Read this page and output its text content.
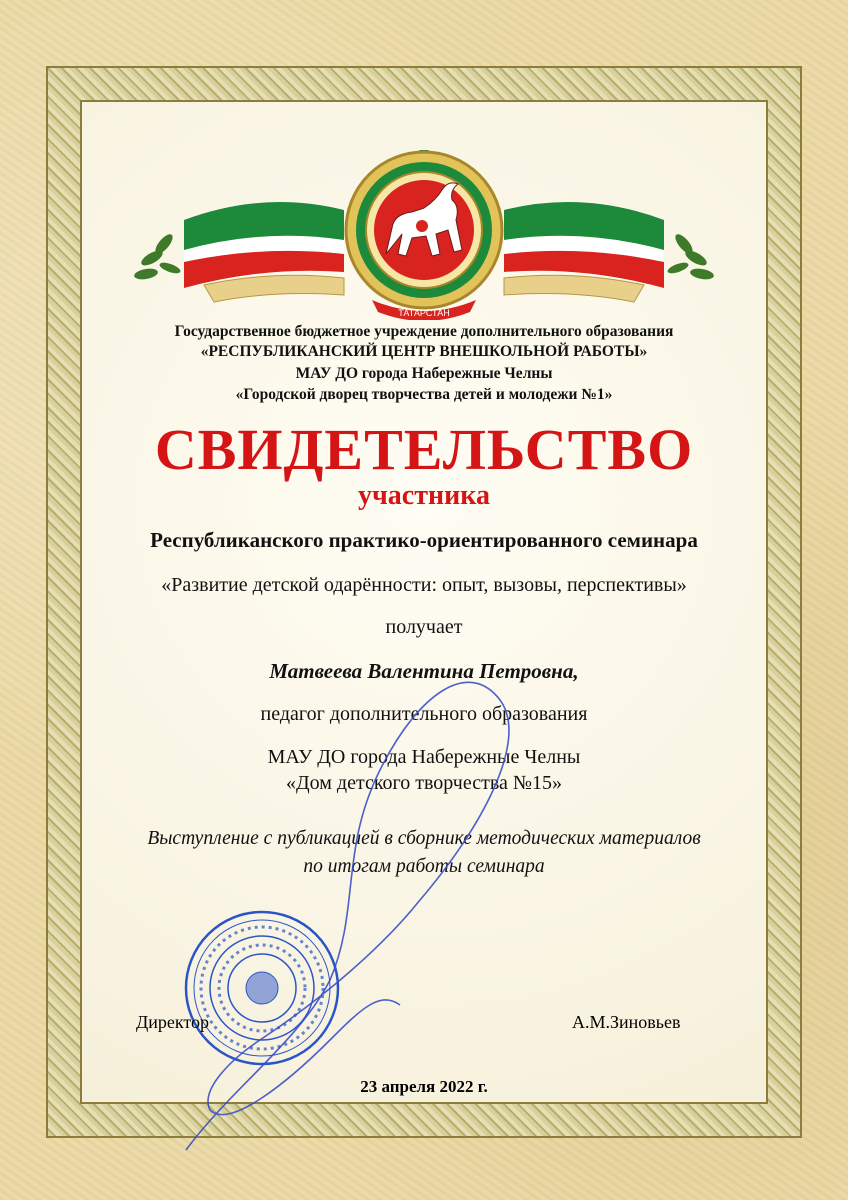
ТАТАРСТАН
Государственное бюджетное учреждение дополнительного образования
«РЕСПУБЛИКАНСКИЙ ЦЕНТР ВНЕШКОЛЬНОЙ РАБОТЫ»
МАУ ДО города Набережные Челны
«Городской дворец творчества детей и молодежи №1»
СВИДЕТЕЛЬСТВО
участника
Республиканского практико-ориентированного семинара
«Развитие детской одарённости: опыт, вызовы, перспективы»
получает
Матвеева Валентина Петровна,
педагог дополнительного образования
МАУ ДО города Набережные Челны
«Дом детского творчества №15»
Выступление с публикацией в сборнике методических материалов
по итогам работы семинара
Директор	А.М.Зиновьев
23 апреля 2022 г.
